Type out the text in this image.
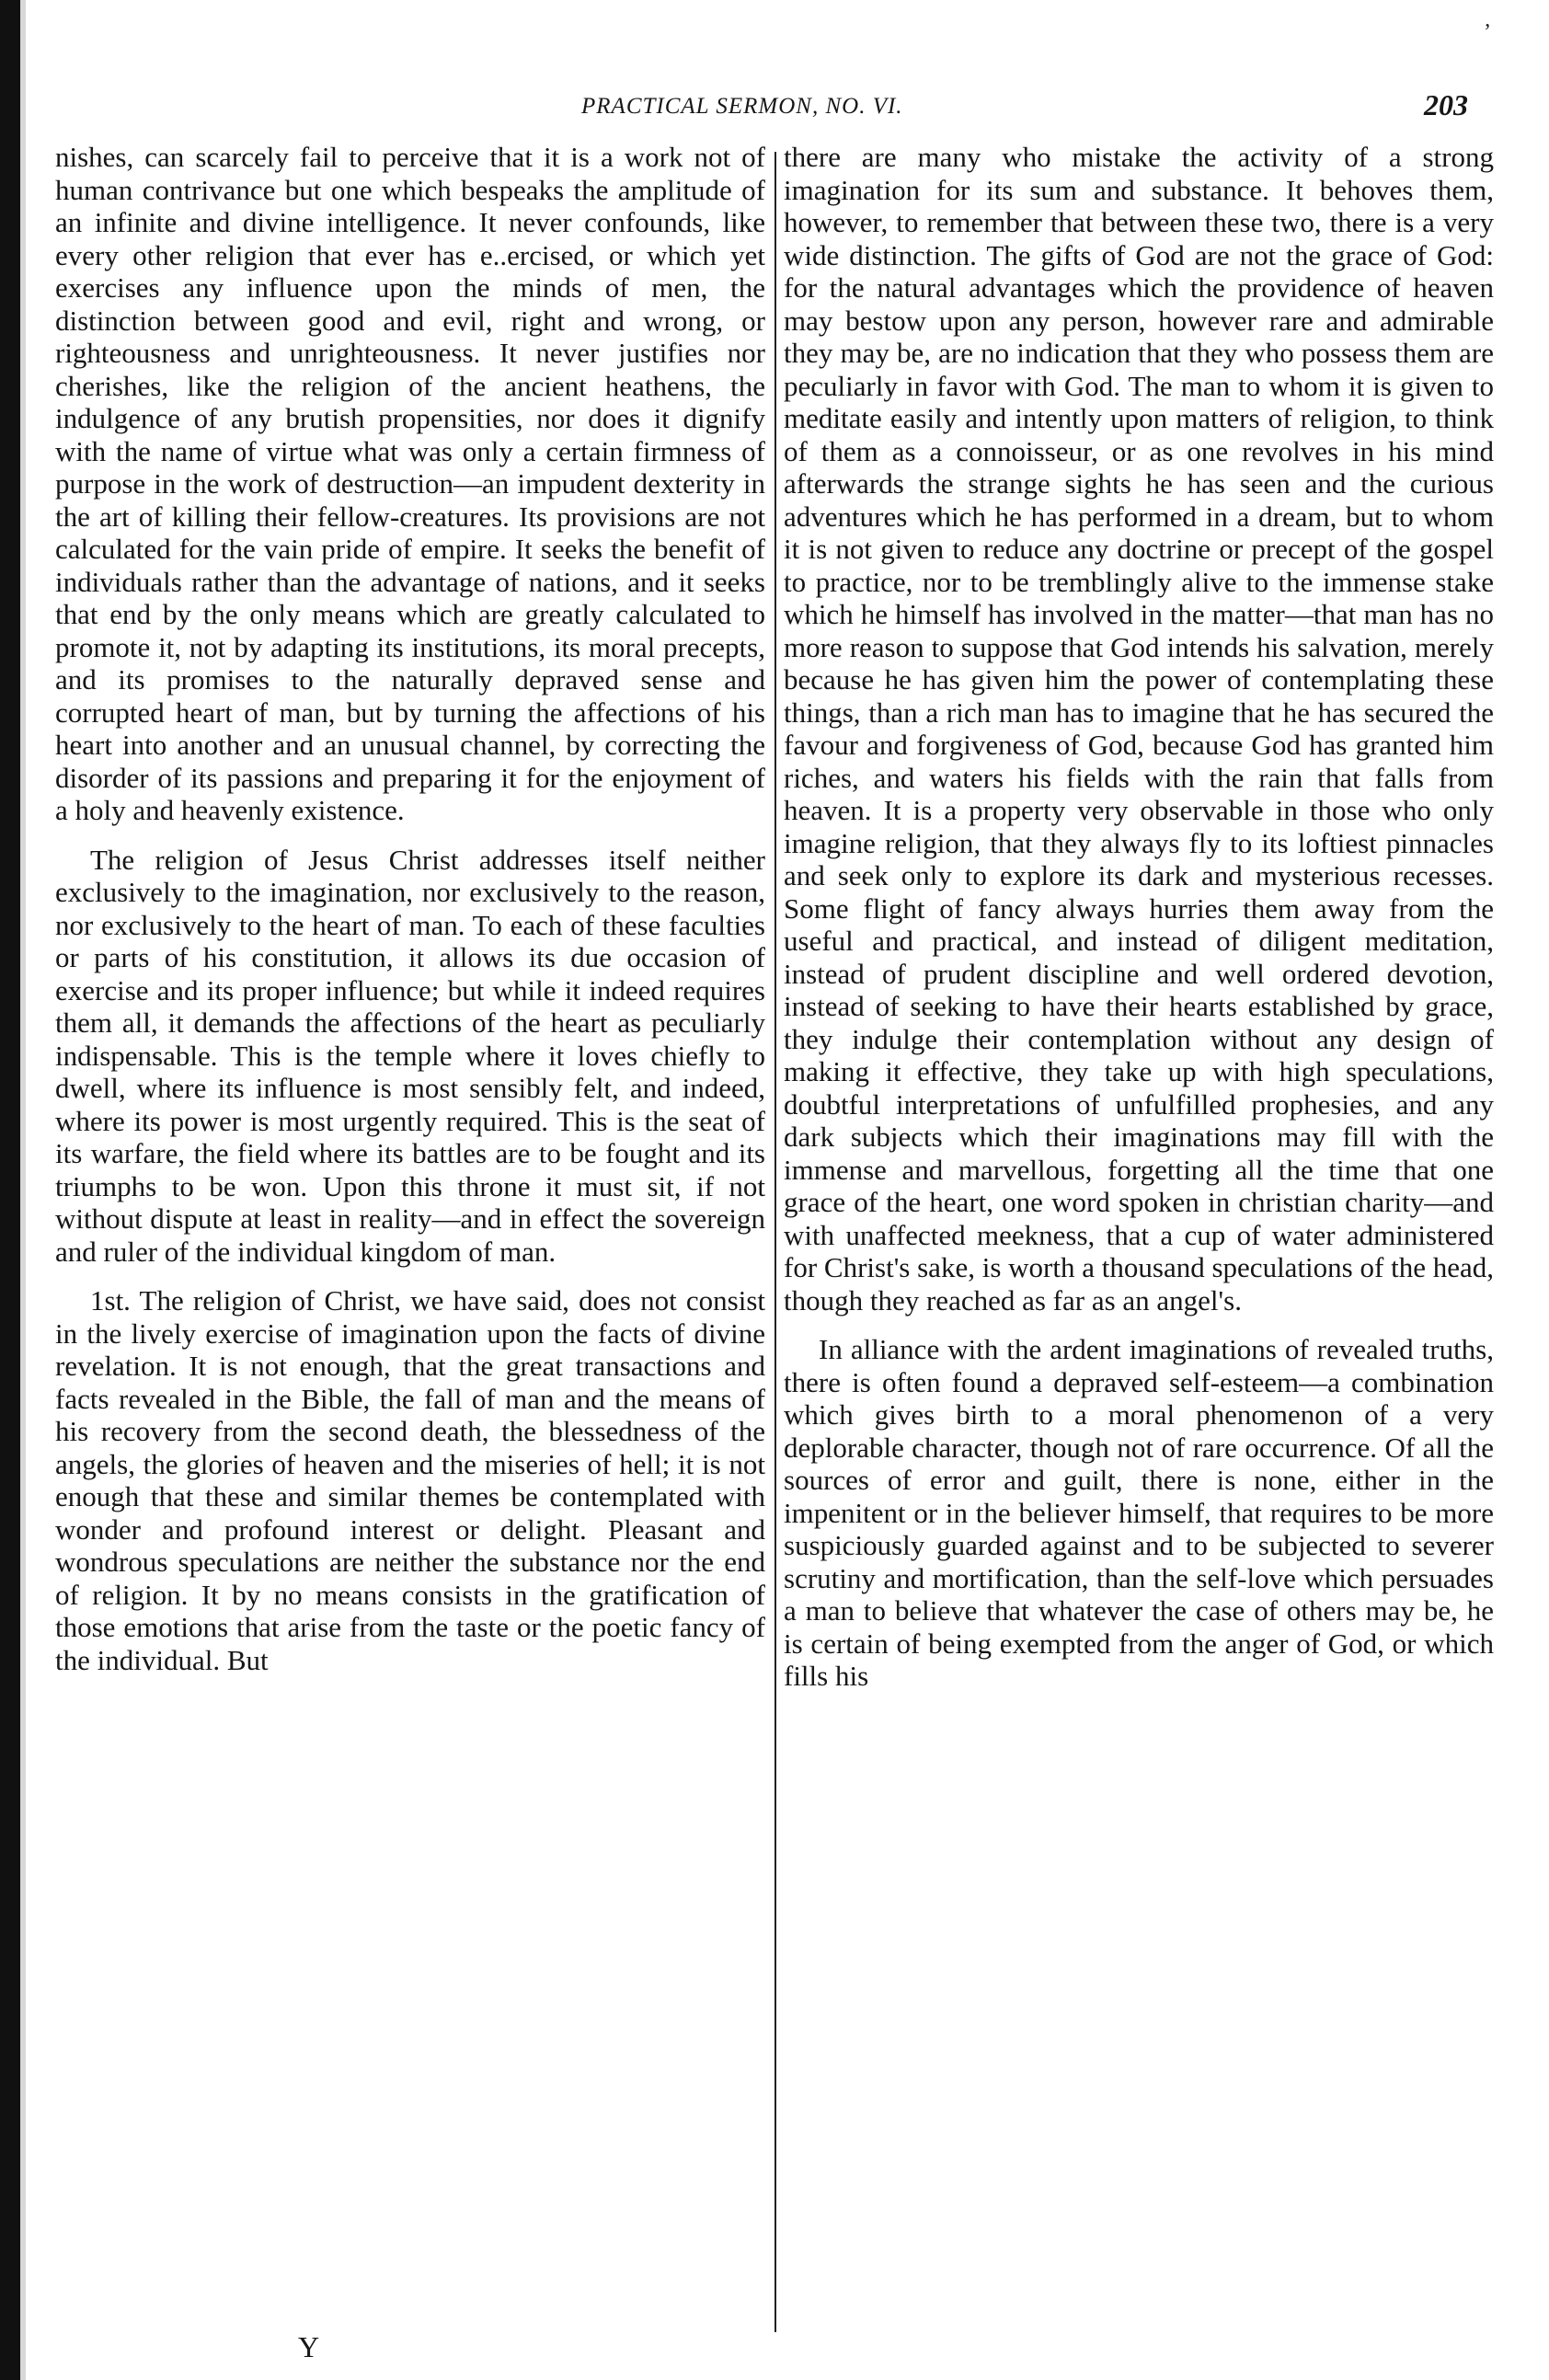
’
PRACTICAL SERMON, NO. VI.	203

nishes, can scarcely fail to perceive that it is a work not of human contrivance but one which bespeaks the amplitude of an infinite and divine intelligence. It never confounds, like every other religion that ever has e..ercised, or which yet exercises any influence upon the minds of men, the distinction between good and evil, right and wrong, or righteousness and unrighteousness. It never justifies nor cherishes, like the religion of the ancient heathens, the indulgence of any brutish propensities, nor does it dignify with the name of virtue what was only a certain firmness of purpose in the work of destruction—an impudent dexterity in the art of killing their fellow-creatures. Its provisions are not calculated for the vain pride of empire. It seeks the benefit of individuals rather than the advantage of nations, and it seeks that end by the only means which are greatly calculated to promote it, not by adapting its institutions, its moral precepts, and its promises to the naturally depraved sense and corrupted heart of man, but by turning the affections of his heart into another and an unusual channel, by correcting the disorder of its passions and preparing it for the enjoyment of a holy and heavenly existence.

The religion of Jesus Christ addresses itself neither exclusively to the imagination, nor exclusively to the reason, nor exclusively to the heart of man. To each of these faculties or parts of his constitution, it allows its due occasion of exercise and its proper influence; but while it indeed requires them all, it demands the affections of the heart as peculiarly indispensable. This is the temple where it loves chiefly to dwell, where its influence is most sensibly felt, and indeed, where its power is most urgently required. This is the seat of its warfare, the field where its battles are to be fought and its triumphs to be won. Upon this throne it must sit, if not without dispute at least in reality—and in effect the sovereign and ruler of the individual kingdom of man.

1st. The religion of Christ, we have said, does not consist in the lively exercise of imagination upon the facts of divine revelation. It is not enough, that the great transactions and facts revealed in the Bible, the fall of man and the means of his recovery from the second death, the blessedness of the angels, the glories of heaven and the miseries of hell; it is not enough that these and similar themes be contemplated with wonder and profound interest or delight. Pleasant and wondrous speculations are neither the substance nor the end of religion. It by no means consists in the gratification of those emotions that arise from the taste or the poetic fancy of the individual. But

there are many who mistake the activity of a strong imagination for its sum and substance. It behoves them, however, to remember that between these two, there is a very wide distinction. The gifts of God are not the grace of God: for the natural advantages which the providence of heaven may bestow upon any person, however rare and admirable they may be, are no indication that they who possess them are peculiarly in favor with God. The man to whom it is given to meditate easily and intently upon matters of religion, to think of them as a connoisseur, or as one revolves in his mind afterwards the strange sights he has seen and the curious adventures which he has performed in a dream, but to whom it is not given to reduce any doctrine or precept of the gospel to practice, nor to be tremblingly alive to the immense stake which he himself has involved in the matter—that man has no more reason to suppose that God intends his salvation, merely because he has given him the power of contemplating these things, than a rich man has to imagine that he has secured the favour and forgiveness of God, because God has granted him riches, and waters his fields with the rain that falls from heaven. It is a property very observable in those who only imagine religion, that they always fly to its loftiest pinnacles and seek only to explore its dark and mysterious recesses. Some flight of fancy always hurries them away from the useful and practical, and instead of diligent meditation, instead of prudent discipline and well ordered devotion, instead of seeking to have their hearts established by grace, they indulge their contemplation without any design of making it effective, they take up with high speculations, doubtful interpretations of unfulfilled prophesies, and any dark subjects which their imaginations may fill with the immense and marvellous, forgetting all the time that one grace of the heart, one word spoken in christian charity—and with unaffected meekness, that a cup of water administered for Christ's sake, is worth a thousand speculations of the head, though they reached as far as an angel's.

In alliance with the ardent imaginations of revealed truths, there is often found a depraved self-esteem—a combination which gives birth to a moral phenomenon of a very deplorable character, though not of rare occurrence. Of all the sources of error and guilt, there is none, either in the impenitent or in the believer himself, that requires to be more suspiciously guarded against and to be subjected to severer scrutiny and mortification, than the self-love which persuades a man to believe that whatever the case of others may be, he is certain of being exempted from the anger of God, or which fills his

Y
